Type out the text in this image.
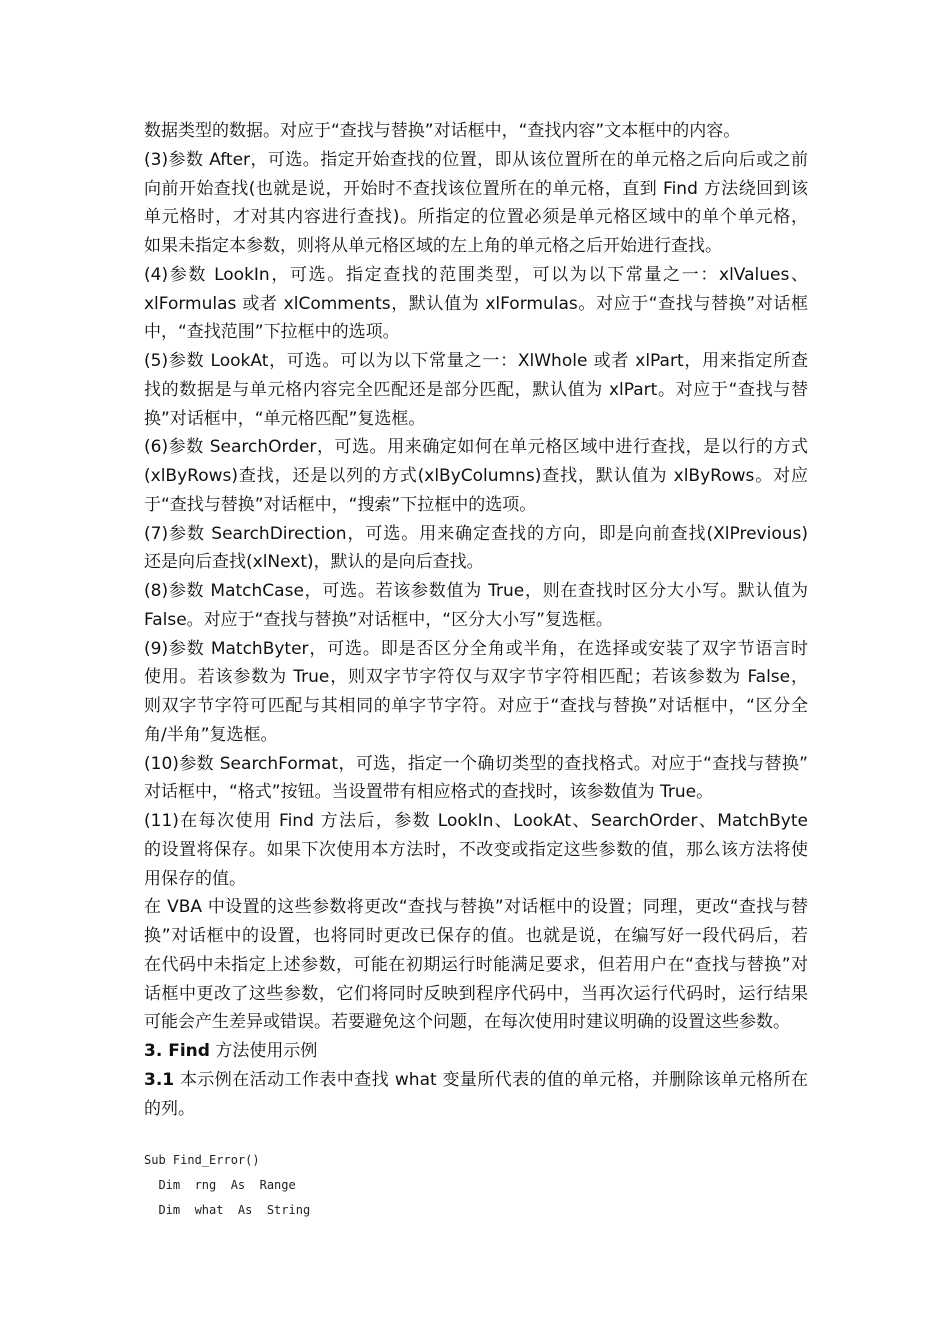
数据类型的数据。对应于“查找与替换”对话框中，“查找内容”文本框中的内容。
(3)参数 After，可选。指定开始查找的位置，即从该位置所在的单元格之后向后或之前
向前开始查找(也就是说，开始时不查找该位置所在的单元格，直到 Find 方法绕回到该
单元格时，才对其内容进行查找)。所指定的位置必须是单元格区域中的单个单元格，
如果未指定本参数，则将从单元格区域的左上角的单元格之后开始进行查找。
(4)参数 LookIn，可选。指定查找的范围类型，可以为以下常量之一：xlValues、
xlFormulas 或者 xlComments，默认值为 xlFormulas。对应于“查找与替换”对话框
中，“查找范围”下拉框中的选项。
(5)参数 LookAt，可选。可以为以下常量之一：XlWhole 或者 xlPart，用来指定所查
找的数据是与单元格内容完全匹配还是部分匹配，默认值为 xlPart。对应于“查找与替
换”对话框中，“单元格匹配”复选框。
(6)参数 SearchOrder，可选。用来确定如何在单元格区域中进行查找，是以行的方式
(xlByRows)查找，还是以列的方式(xlByColumns)查找，默认值为 xlByRows。对应
于“查找与替换”对话框中，“搜索”下拉框中的选项。
(7)参数 SearchDirection，可选。用来确定查找的方向，即是向前查找(XlPrevious)
还是向后查找(xlNext)，默认的是向后查找。
(8)参数 MatchCase，可选。若该参数值为 True，则在查找时区分大小写。默认值为
False。对应于“查找与替换”对话框中，“区分大小写”复选框。
(9)参数 MatchByter，可选。即是否区分全角或半角，在选择或安装了双字节语言时
使用。若该参数为 True，则双字节字符仅与双字节字符相匹配；若该参数为 False，
则双字节字符可匹配与其相同的单字节字符。对应于“查找与替换”对话框中，“区分全
角/半角”复选框。
(10)参数 SearchFormat，可选，指定一个确切类型的查找格式。对应于“查找与替换”
对话框中，“格式”按钮。当设置带有相应格式的查找时，该参数值为 True。
(11)在每次使用 Find 方法后，参数 LookIn、LookAt、SearchOrder、MatchByte
的设置将保存。如果下次使用本方法时，不改变或指定这些参数的值，那么该方法将使
用保存的值。
在 VBA 中设置的这些参数将更改“查找与替换”对话框中的设置；同理，更改“查找与替
换”对话框中的设置，也将同时更改已保存的值。也就是说，在编写好一段代码后，若
在代码中未指定上述参数，可能在初期运行时能满足要求，但若用户在“查找与替换”对
话框中更改了这些参数，它们将同时反映到程序代码中，当再次运行代码时，运行结果
可能会产生差异或错误。若要避免这个问题，在每次使用时建议明确的设置这些参数。
3. Find 方法使用示例
3.1 本示例在活动工作表中查找 what 变量所代表的值的单元格，并删除该单元格所在
的列。
Sub Find_Error()
Dim  rng  As  Range
Dim  what  As  String
